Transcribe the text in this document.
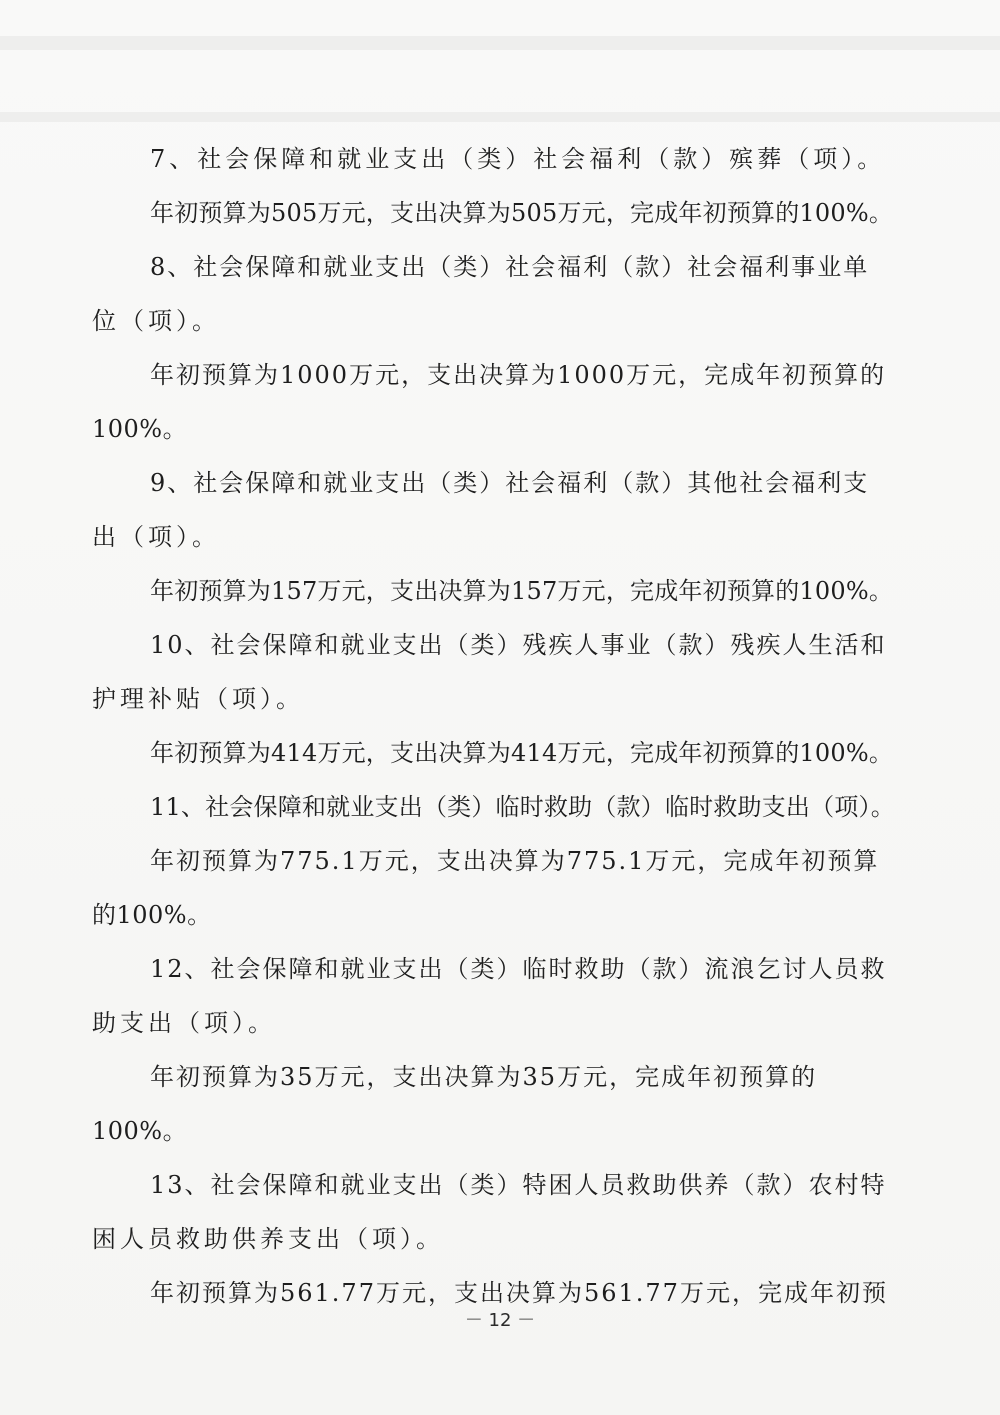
7、社会保障和就业支出（类）社会福利（款）殡葬（项）。
年初预算为505万元，支出决算为505万元，完成年初预算的100%。
8、社会保障和就业支出（类）社会福利（款）社会福利事业单
位（项）。
年初预算为1000万元，支出决算为1000万元，完成年初预算的
100%。
9、社会保障和就业支出（类）社会福利（款）其他社会福利支
出（项）。
年初预算为157万元，支出决算为157万元，完成年初预算的100%。
10、社会保障和就业支出（类）残疾人事业（款）残疾人生活和
护理补贴（项）。
年初预算为414万元，支出决算为414万元，完成年初预算的100%。
11、社会保障和就业支出（类）临时救助（款）临时救助支出（项）。
年初预算为775.1万元，支出决算为775.1万元，完成年初预算
的100%。
12、社会保障和就业支出（类）临时救助（款）流浪乞讨人员救
助支出（项）。
年初预算为35万元，支出决算为35万元，完成年初预算的
100%。
13、社会保障和就业支出（类）特困人员救助供养（款）农村特
困人员救助供养支出（项）。
年初预算为561.77万元，支出决算为561.77万元，完成年初预
－ 12 －
